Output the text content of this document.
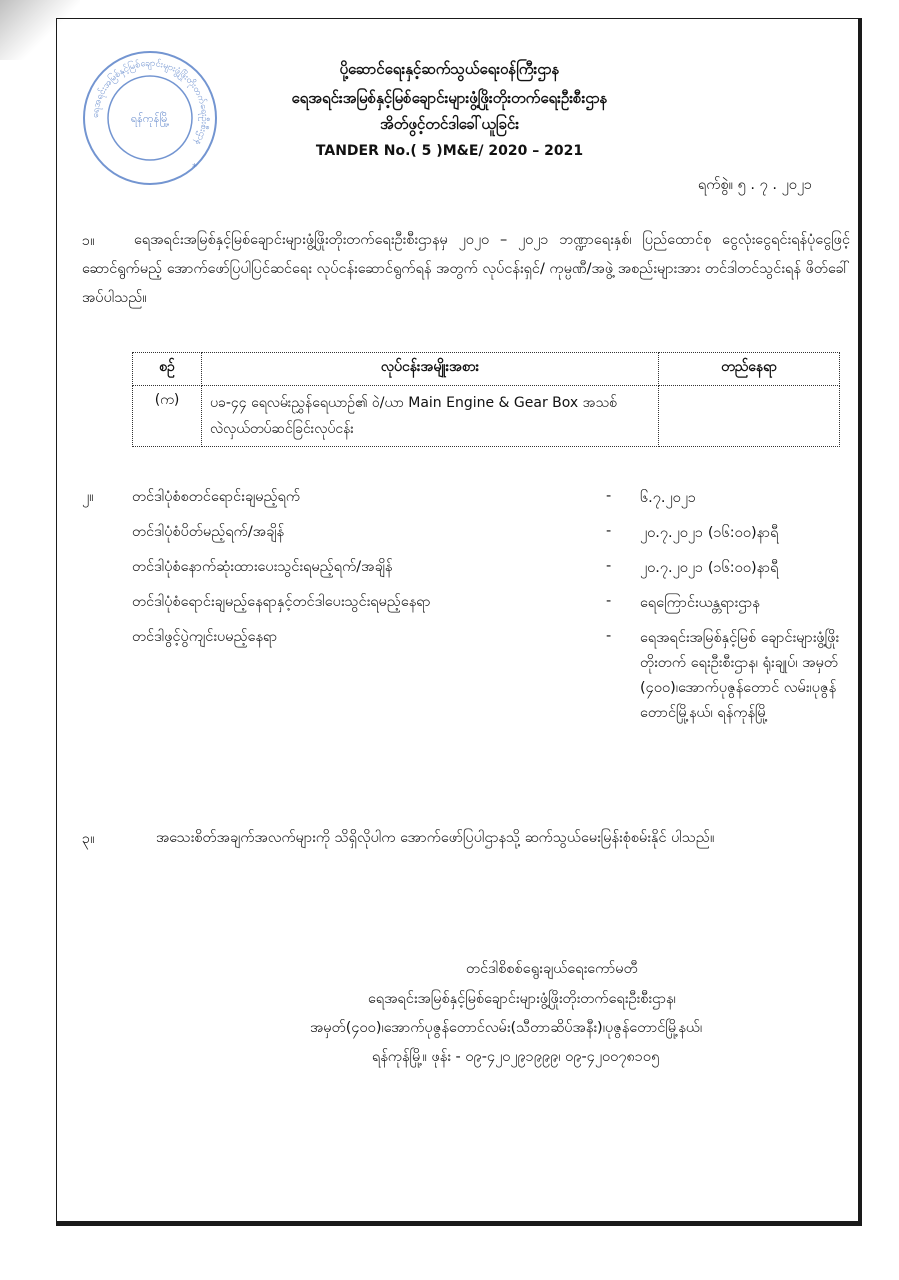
ရေအရင်းအမြစ်နှင့်မြစ်ချောင်းများဖွံ့ဖြိုးတိုးတက်ရေးဦးစီးဌာန
ရန်ကုန်မြို့
*
ပို့ဆောင်ရေးနှင့်ဆက်သွယ်ရေးဝန်ကြီးဌာန
ရေအရင်းအမြစ်နှင့်မြစ်ချောင်းများဖွံ့ဖြိုးတိုးတက်ရေးဦးစီးဌာန
အိတ်ဖွင့်တင်ဒါခေါ်ယူခြင်း
TANDER No.( 5 )M&E/ 2020 – 2021
ရက်စွဲ။ ၅ . ၇ . ၂၀၂၁
၁။	ရေအရင်းအမြစ်နှင့်မြစ်ချောင်းများဖွံ့ဖြိုးတိုးတက်ရေးဦးစီးဌာနမှ ၂၀၂၀ – ၂၀၂၁ ဘဏ္ဍာရေးနှစ်၊ ပြည်ထောင်စု ငွေလုံးငွေရင်းရန်ပုံငွေဖြင့်ဆောင်ရွက်မည့် အောက်ဖော်ပြပါပြင်ဆင်ရေး လုပ်ငန်းဆောင်ရွက်ရန် အတွက် လုပ်ငန်းရှင်/ ကုမ္ပဏီ/အဖွဲ့ အစည်းများအား တင်ဒါတင်သွင်းရန် ဖိတ်ခေါ်အပ်ပါသည်။
စဉ်	လုပ်ငန်းအမျိုးအစား	တည်နေရာ
(က)	ပခ-၄၄ ရေလမ်းညွှန်ရေယာဉ်၏ ဝဲ/ယာ Main Engine & Gear Box အသစ်လဲလှယ်တပ်ဆင်ခြင်းလုပ်ငန်း	
၂။	တင်ဒါပုံစံစတင်ရောင်းချမည့်ရက်	- ၆.၇.၂၀၂၁
တင်ဒါပုံစံပိတ်မည့်ရက်/အချိန်	- ၂၀.၇.၂၀၂၁ (၁၆:၀၀)နာရီ
တင်ဒါပုံစံနောက်ဆုံးထားပေးသွင်းရမည့်ရက်/အချိန်	- ၂၀.၇.၂၀၂၁ (၁၆:၀၀)နာရီ
တင်ဒါပုံစံရောင်းချမည့်နေရာနှင့်တင်ဒါပေးသွင်းရမည့်နေရာ	- ရေကြောင်းယန္တရားဌာန
တင်ဒါဖွင့်ပွဲကျင်းပမည့်နေရာ	- ရေအရင်းအမြစ်နှင့်မြစ် ချောင်းများဖွံ့ဖြိုးတိုးတက် ရေးဦးစီးဌာန၊ ရုံးချုပ်၊ အမှတ် (၄၀၀)၊အောက်ပုဇွန်တောင် လမ်း၊ပုဇွန်တောင်မြို့နယ်၊ ရန်ကုန်မြို့
၃။	အသေးစိတ်အချက်အလက်များကို သိရှိလိုပါက အောက်ဖော်ပြပါဌာနသို့ ဆက်သွယ်မေးမြန်းစုံစမ်းနိုင် ပါသည်။
တင်ဒါစိစစ်ရွေးချယ်ရေးကော်မတီ
ရေအရင်းအမြစ်နှင့်မြစ်ချောင်းများဖွံ့ဖြိုးတိုးတက်ရေးဦးစီးဌာန၊
အမှတ်(၄၀၀)၊အောက်ပုဇွန်တောင်လမ်း(သီတာဆိပ်အနီး)၊ပုဇွန်တောင်မြို့နယ်၊
ရန်ကုန်မြို့။ ဖုန်း - ၀၉-၄၂၀၂၉၁၉၉၉၊ ၀၉-၄၂၀၀၇၈၁၀၅
